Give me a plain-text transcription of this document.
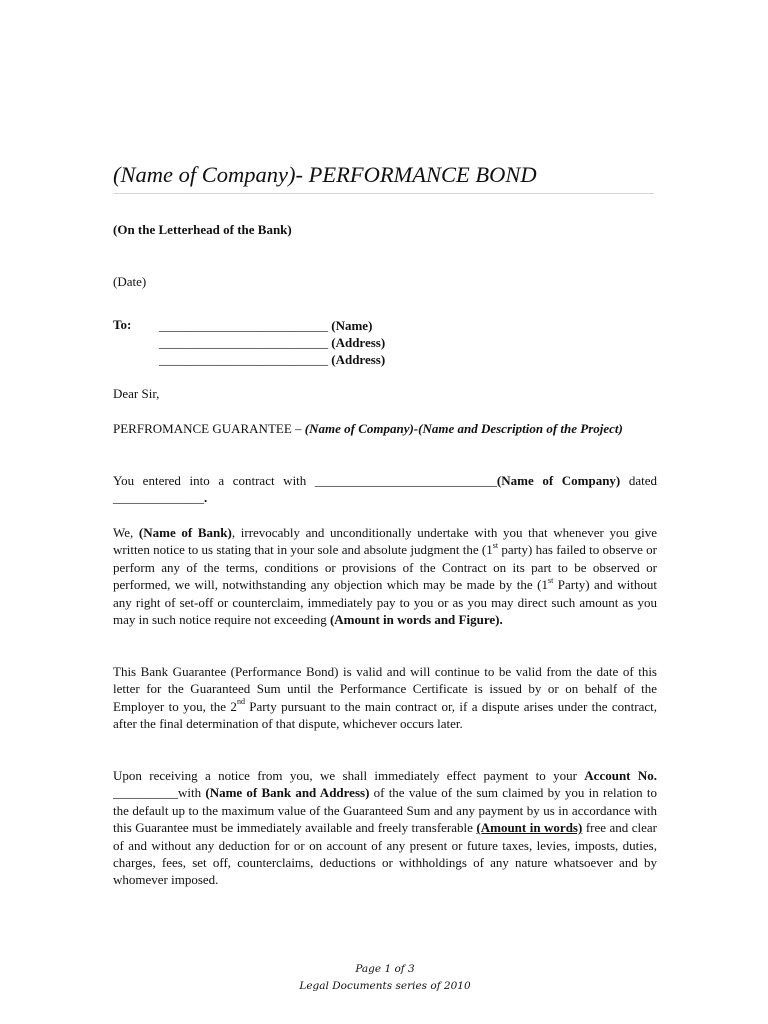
(Name of Company)- PERFORMANCE BOND

(On the Letterhead of the Bank)

(Date)

To: __________________________ (Name)
__________________________ (Address)
__________________________ (Address)

Dear Sir,

PERFROMANCE GUARANTEE – (Name of Company)-(Name and Description of the Project)

You entered into a contract with ____________________________(Name of Company) dated ______________.

We, (Name of Bank), irrevocably and unconditionally undertake with you that whenever you give written notice to us stating that in your sole and absolute judgment the (1st party) has failed to observe or perform any of the terms, conditions or provisions of the Contract on its part to be observed or performed, we will, notwithstanding any objection which may be made by the (1st Party) and without any right of set-off or counterclaim, immediately pay to you or as you may direct such amount as you may in such notice require not exceeding (Amount in words and Figure).

This Bank Guarantee (Performance Bond) is valid and will continue to be valid from the date of this letter for the Guaranteed Sum until the Performance Certificate is issued by or on behalf of the Employer to you, the 2nd Party pursuant to the main contract or, if a dispute arises under the contract, after the final determination of that dispute, whichever occurs later.

Upon receiving a notice from you, we shall immediately effect payment to your Account No. __________with (Name of Bank and Address) of the value of the sum claimed by you in relation to the default up to the maximum value of the Guaranteed Sum and any payment by us in accordance with this Guarantee must be immediately available and freely transferable (Amount in words) free and clear of and without any deduction for or on account of any present or future taxes, levies, imposts, duties, charges, fees, set off, counterclaims, deductions or withholdings of any nature whatsoever and by whomever imposed.

Page 1 of 3
Legal Documents series of 2010
